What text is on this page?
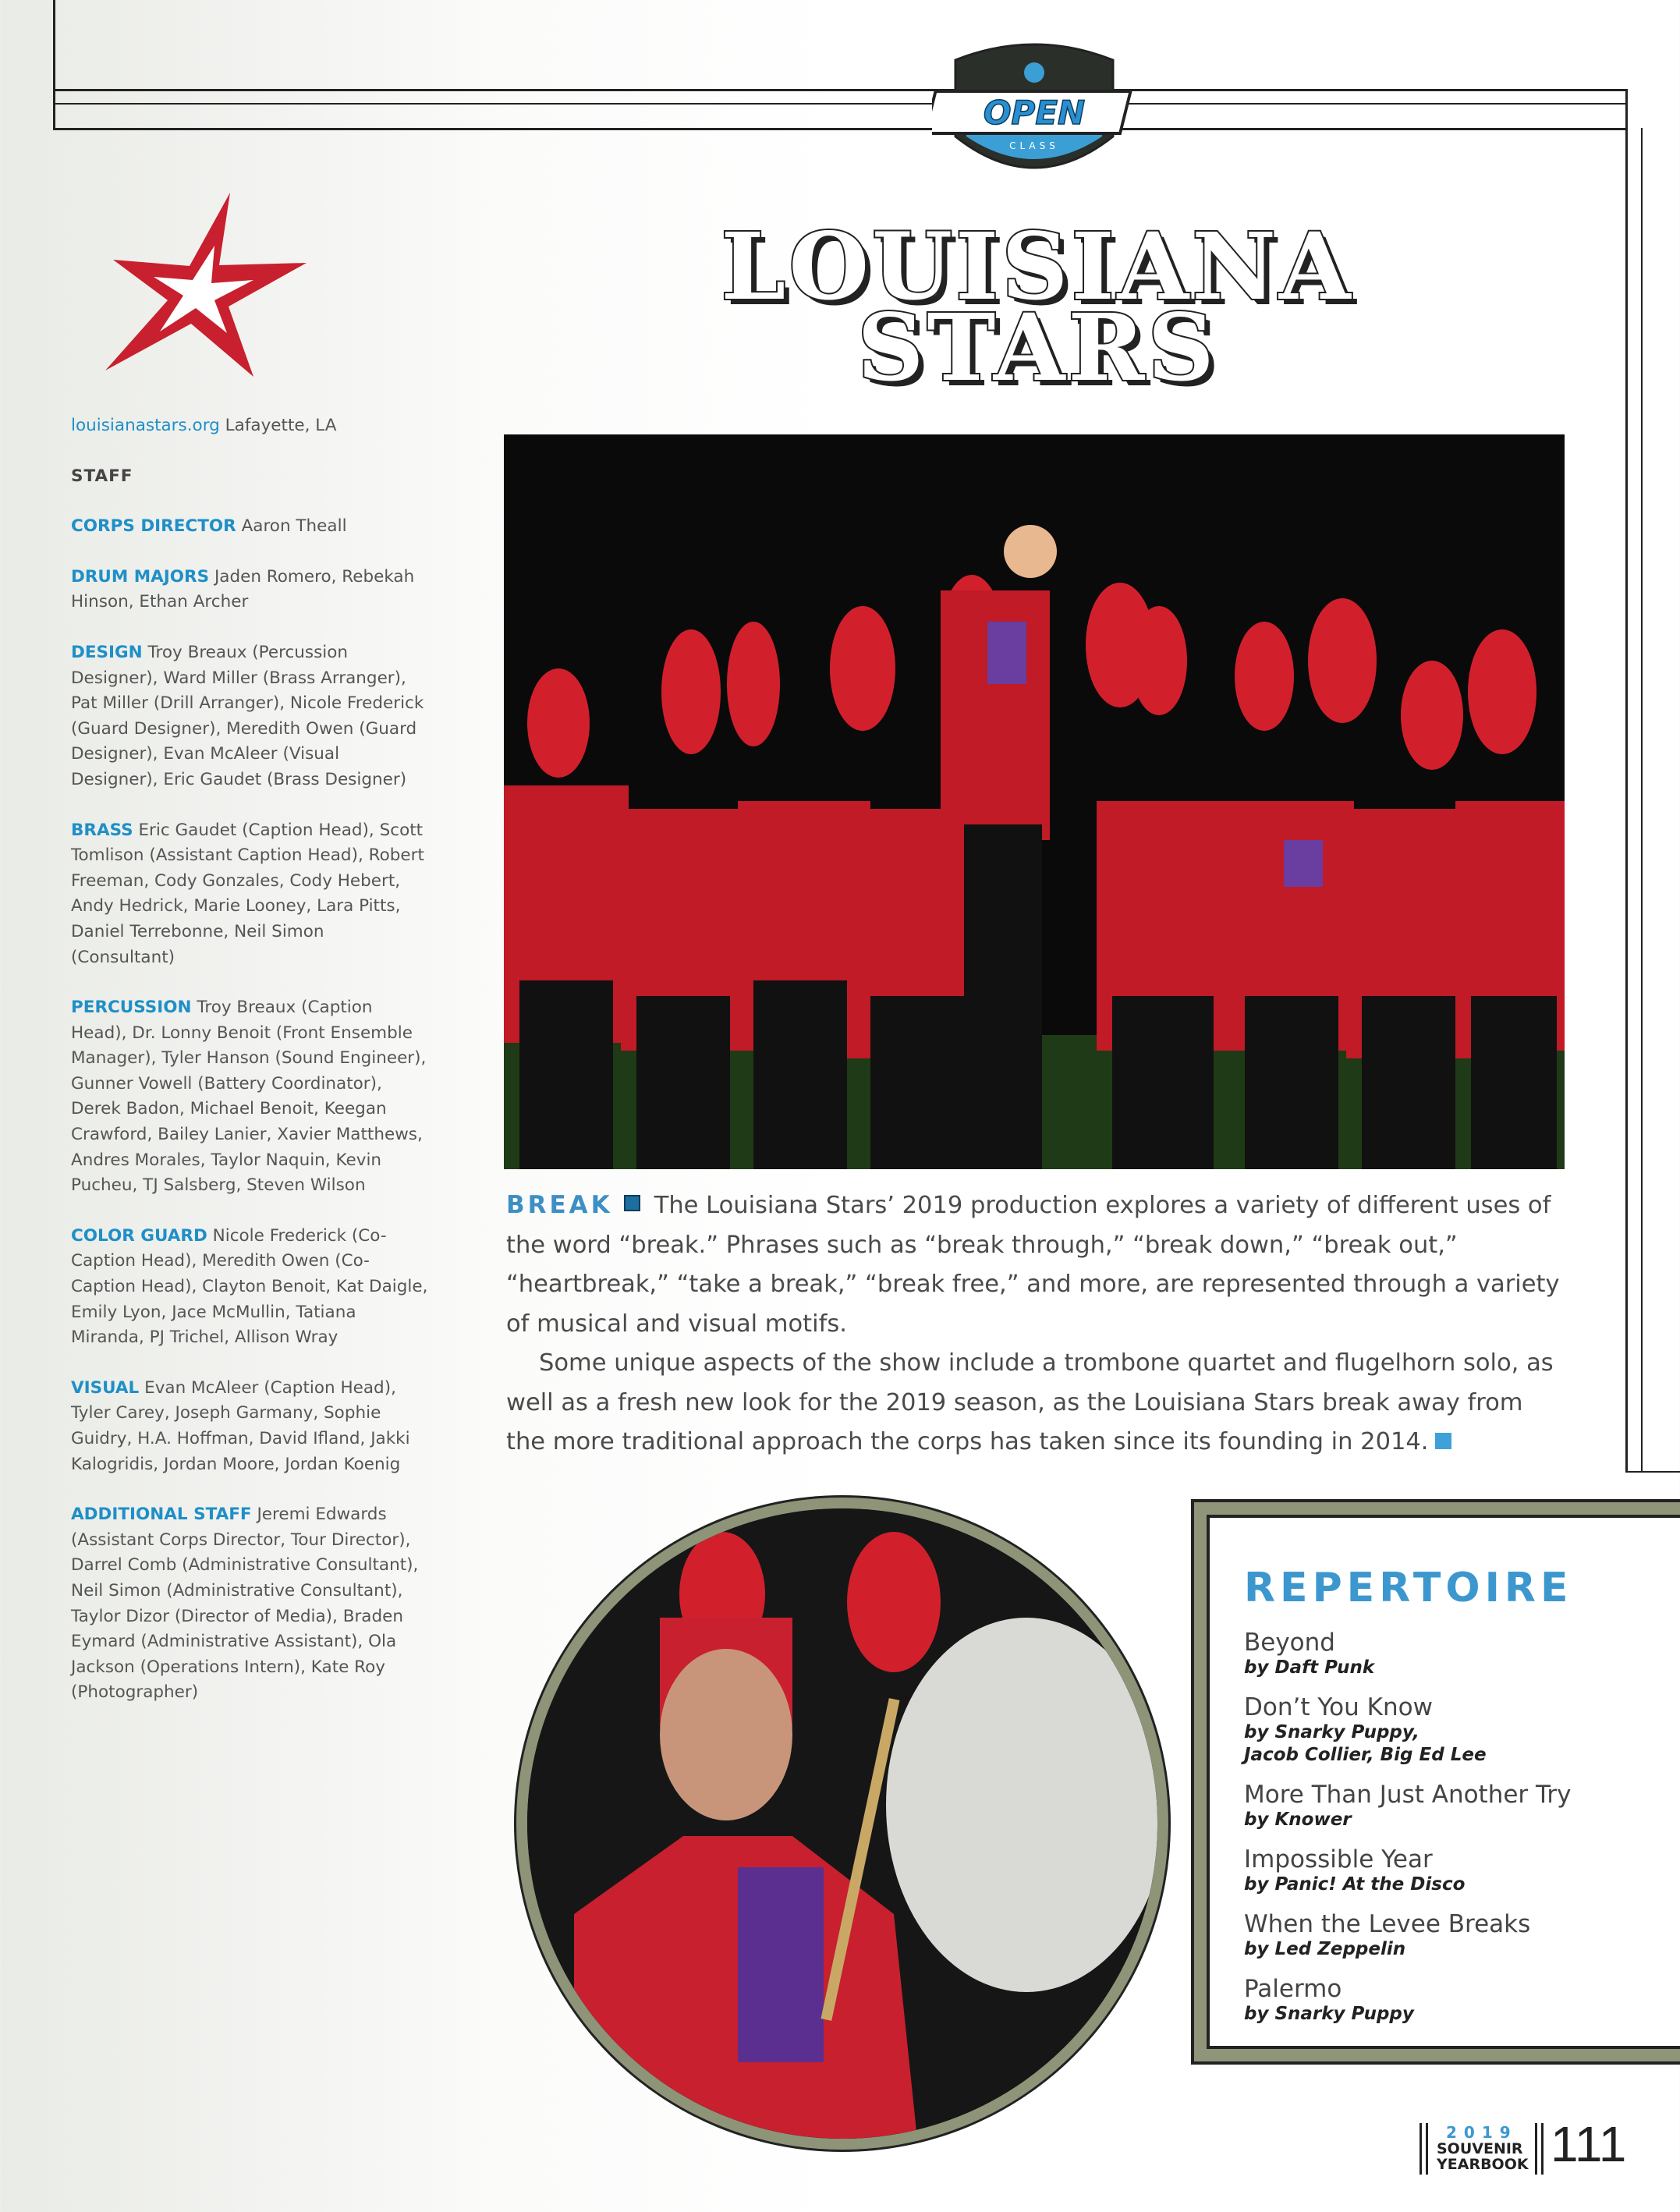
OPEN
CLASS
LOUISIANA
STARS

louisianastars.org Lafayette, LA

STAFF

CORPS DIRECTOR Aaron Theall

DRUM MAJORS Jaden Romero, Rebekah Hinson, Ethan Archer

DESIGN Troy Breaux (Percussion Designer), Ward Miller (Brass Arranger), Pat Miller (Drill Arranger), Nicole Frederick (Guard Designer), Meredith Owen (Guard Designer), Evan McAleer (Visual Designer), Eric Gaudet (Brass Designer)

BRASS Eric Gaudet (Caption Head), Scott Tomlison (Assistant Caption Head), Robert Freeman, Cody Gonzales, Cody Hebert, Andy Hedrick, Marie Looney, Lara Pitts, Daniel Terrebonne, Neil Simon (Consultant)

PERCUSSION Troy Breaux (Caption Head), Dr. Lonny Benoit (Front Ensemble Manager), Tyler Hanson (Sound Engineer), Gunner Vowell (Battery Coordinator), Derek Badon, Michael Benoit, Keegan Crawford, Bailey Lanier, Xavier Matthews, Andres Morales, Taylor Naquin, Kevin Pucheu, TJ Salsberg, Steven Wilson

COLOR GUARD Nicole Frederick (Co-Caption Head), Meredith Owen (Co-Caption Head), Clayton Benoit, Kat Daigle, Emily Lyon, Jace McMullin, Tatiana Miranda, PJ Trichel, Allison Wray

VISUAL Evan McAleer (Caption Head), Tyler Carey, Joseph Garmany, Sophie Guidry, H.A. Hoffman, David Ifland, Jakki Kalogridis, Jordan Moore, Jordan Koenig

ADDITIONAL STAFF Jeremi Edwards (Assistant Corps Director, Tour Director), Darrel Comb (Administrative Consultant), Neil Simon (Administrative Consultant), Taylor Dizor (Director of Media), Braden Eymard (Administrative Assistant), Ola Jackson (Operations Intern), Kate Roy (Photographer)

BREAK The Louisiana Stars’ 2019 production explores a variety of different uses of the word “break.” Phrases such as “break through,” “break down,” “break out,” “heartbreak,” “take a break,” “break free,” and more, are represented through a variety of musical and visual motifs.

Some unique aspects of the show include a trombone quartet and flugelhorn solo, as well as a fresh new look for the 2019 season, as the Louisiana Stars break away from the more traditional approach the corps has taken since its founding in 2014.

REPERTOIRE
Beyond
by Daft Punk
Don’t You Know
by Snarky Puppy,
Jacob Collier, Big Ed Lee
More Than Just Another Try
by Knower
Impossible Year
by Panic! At the Disco
When the Levee Breaks
by Led Zeppelin
Palermo
by Snarky Puppy
2019
SOUVENIR
YEARBOOK 111
